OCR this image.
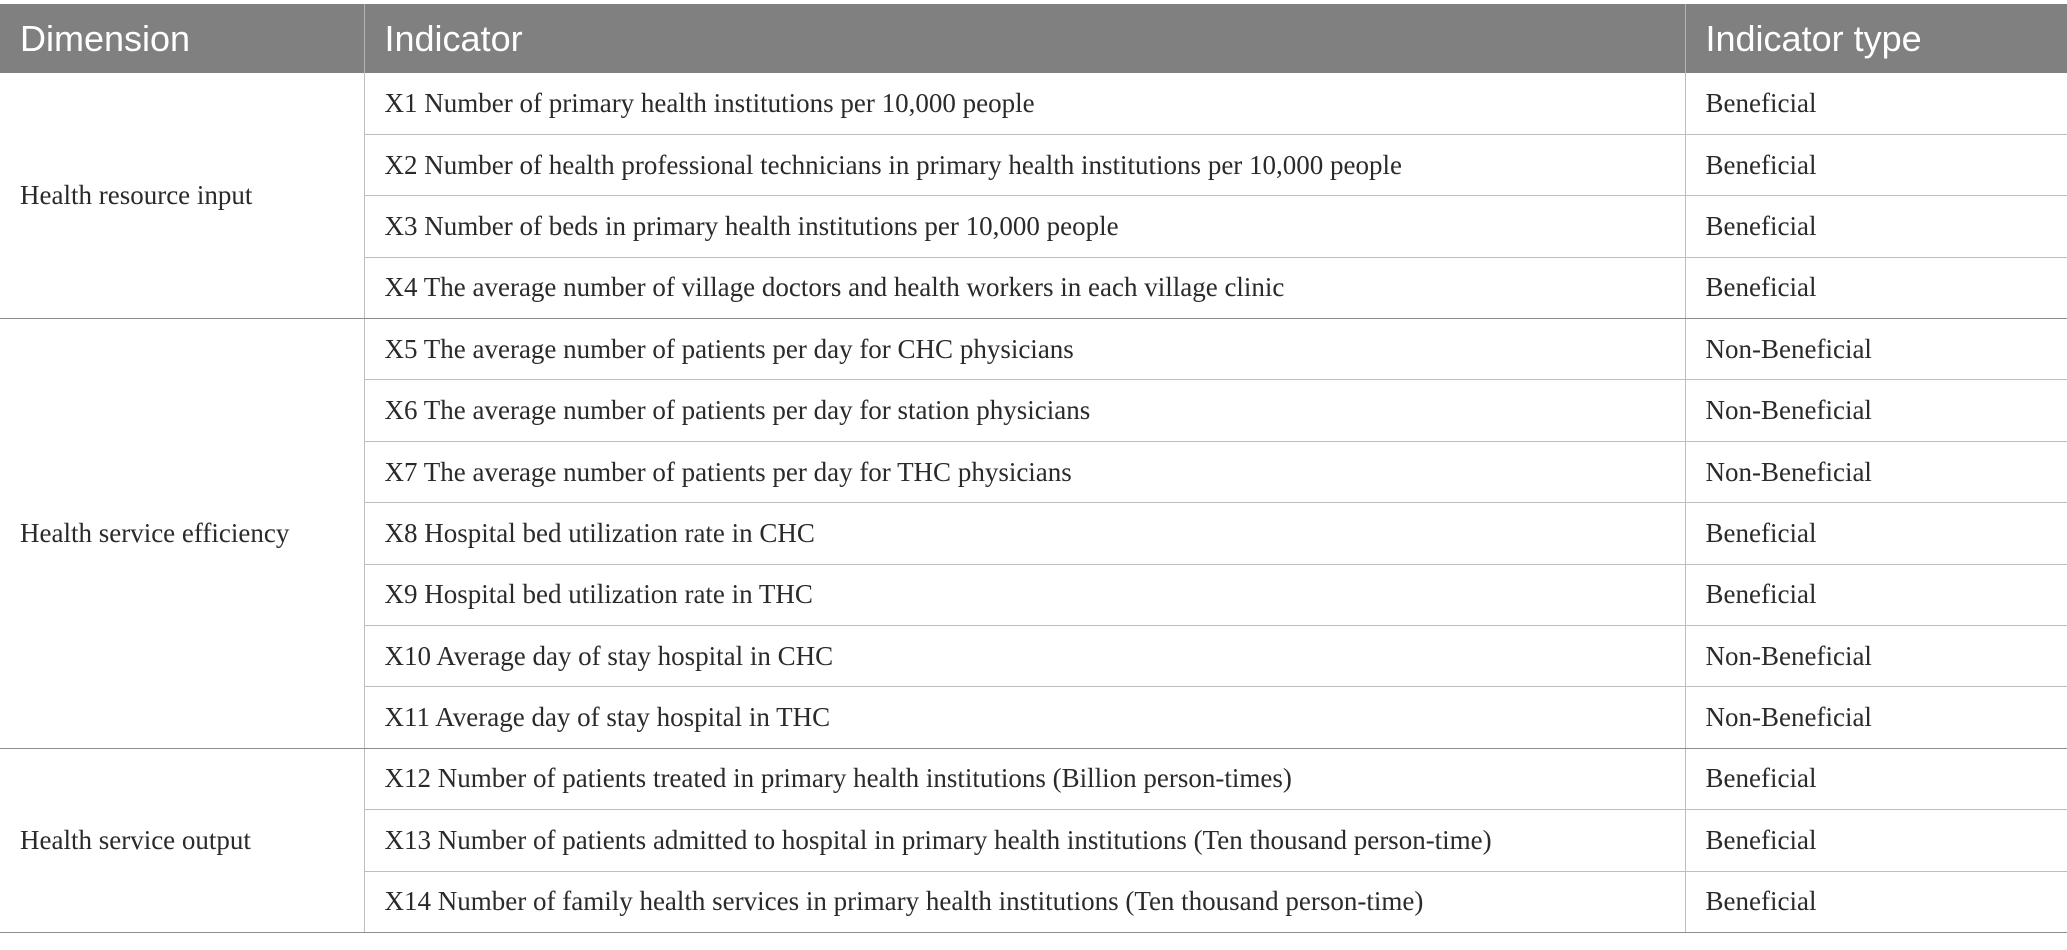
Dimension	Indicator	Indicator type
Health resource input	X1 Number of primary health institutions per 10,000 people	Beneficial
	X2 Number of health professional technicians in primary health institutions per 10,000 people	Beneficial
	X3 Number of beds in primary health institutions per 10,000 people	Beneficial
	X4 The average number of village doctors and health workers in each village clinic	Beneficial
Health service efficiency	X5 The average number of patients per day for CHC physicians	Non-Beneficial
	X6 The average number of patients per day for station physicians	Non-Beneficial
	X7 The average number of patients per day for THC physicians	Non-Beneficial
	X8 Hospital bed utilization rate in CHC	Beneficial
	X9 Hospital bed utilization rate in THC	Beneficial
	X10 Average day of stay hospital in CHC	Non-Beneficial
	X11 Average day of stay hospital in THC	Non-Beneficial
Health service output	X12 Number of patients treated in primary health institutions (Billion person-times)	Beneficial
	X13 Number of patients admitted to hospital in primary health institutions (Ten thousand person-time)	Beneficial
	X14 Number of family health services in primary health institutions (Ten thousand person-time)	Beneficial
